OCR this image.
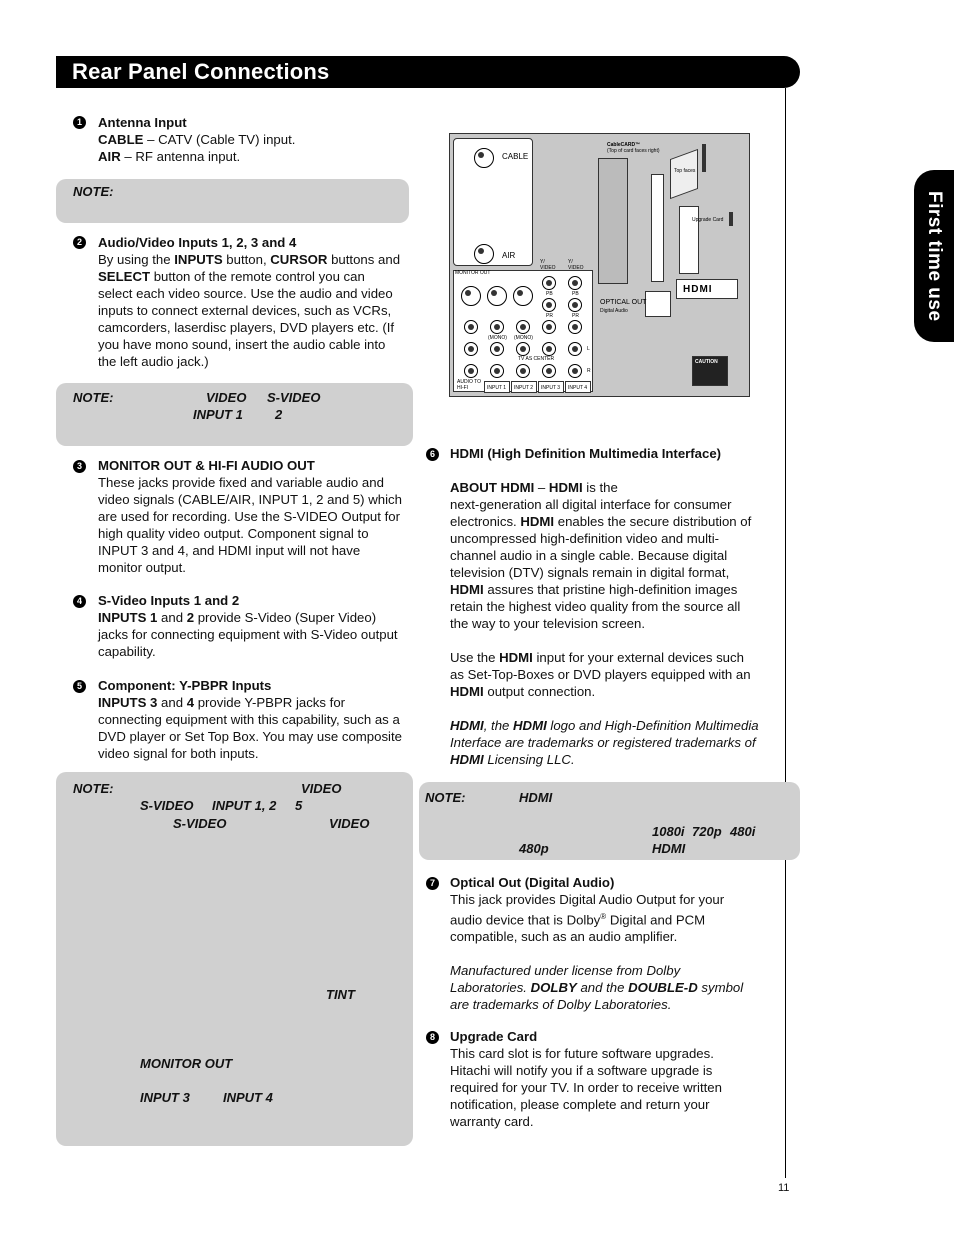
Rear Panel Connections
First time use
11
1	Antenna Input
CABLE – CATV (Cable TV) input.
AIR – RF antenna input.
NOTE:
2	Audio/Video Inputs 1, 2, 3 and 4
By using the INPUTS button, CURSOR buttons and SELECT button of the remote control you can select each video source. Use the audio and video inputs to connect external devices, such as VCRs, camcorders, laserdisc players, DVD players etc. (If you have mono sound, insert the audio cable into the left audio jack.)
NOTE:	VIDEO S-VIDEO
INPUT 1 2
3	MONITOR OUT & HI-FI AUDIO OUT
These jacks provide fixed and variable audio and video signals (CABLE/AIR, INPUT 1, 2 and 5) which are used for recording. Use the S-VIDEO Output for high quality video output. Component signal to INPUT 3 and 4, and HDMI input will not have monitor output.
4	S-Video Inputs 1 and 2
INPUTS 1 and 2 provide S-Video (Super Video) jacks for connecting equipment with S-Video output capability.
5	Component: Y-PBPR Inputs
INPUTS 3 and 4 provide Y-PBPR jacks for connecting equipment with this capability, such as a DVD player or Set Top Box. You may use composite video signal for both inputs.
NOTE:	VIDEO
S-VIDEO INPUT 1, 2 5
S-VIDEO	VIDEO
TINT
MONITOR OUT
INPUT 3	INPUT 4
CABLE
AIR
MONITOR OUT
(MONO) (MONO)
AUDIO TO HI-FI
Y/ VIDEO
Y/ VIDEO
PB	PB
PR	PR
L
TV AS CENTER
R
INPUT 1 INPUT 2 INPUT 3 INPUT 4
CableCARD™
(Top of card faces right)
Top faces
Upgrade Card
OPTICAL OUT
Digital Audio
HDMI
CAUTION
6	HDMI (High Definition Multimedia Interface)
ABOUT HDMI – HDMI is the
next-generation all digital interface for consumer electronics. HDMI enables the secure distribution of uncompressed high-definition video and multi-channel audio in a single cable. Because digital television (DTV) signals remain in digital format, HDMI assures that pristine high-definition images retain the highest video quality from the source all the way to your television screen.
Use the HDMI input for your external devices such as Set-Top-Boxes or DVD players equipped with an HDMI output connection.
HDMI, the HDMI logo and High-Definition Multimedia Interface are trademarks or registered trademarks of HDMI Licensing LLC.
NOTE:	HDMI
1080i 720p 480i
480p	HDMI
7	Optical Out (Digital Audio)
This jack provides Digital Audio Output for your audio device that is Dolby® Digital and PCM compatible, such as an audio amplifier.
Manufactured under license from Dolby Laboratories. DOLBY and the DOUBLE-D symbol are trademarks of Dolby Laboratories.
8	Upgrade Card
This card slot is for future software upgrades. Hitachi will notify you if a software upgrade is required for your TV. In order to receive written notification, please complete and return your warranty card.
